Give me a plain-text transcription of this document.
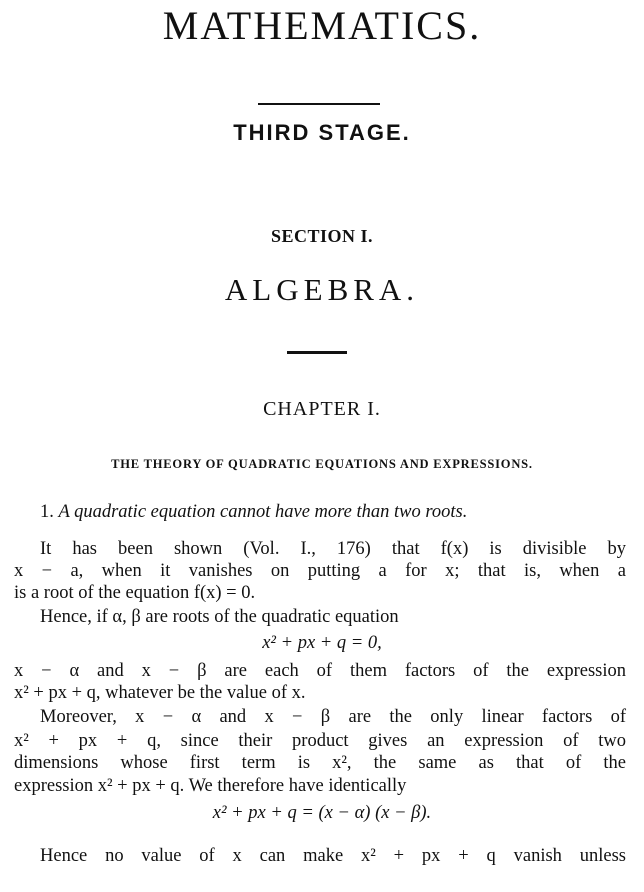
MATHEMATICS.
THIRD STAGE.
SECTION I.
ALGEBRA.
CHAPTER I.
THE THEORY OF QUADRATIC EQUATIONS AND EXPRESSIONS.
1. A quadratic equation cannot have more than two roots.
It has been shown (Vol. I., 176) that f(x) is divisible by
x − a, when it vanishes on putting a for x; that is, when a
is a root of the equation f(x) = 0.
Hence, if α, β are roots of the quadratic equation
x² + px + q = 0,
x − α and x − β are each of them factors of the expression
x² + px + q, whatever be the value of x.
Moreover, x − α and x − β are the only linear factors of
x² + px + q, since their product gives an expression of two
dimensions whose first term is x², the same as that of the
expression x² + px + q. We therefore have identically
x² + px + q = (x − α) (x − β).
Hence no value of x can make x² + px + q vanish unless
